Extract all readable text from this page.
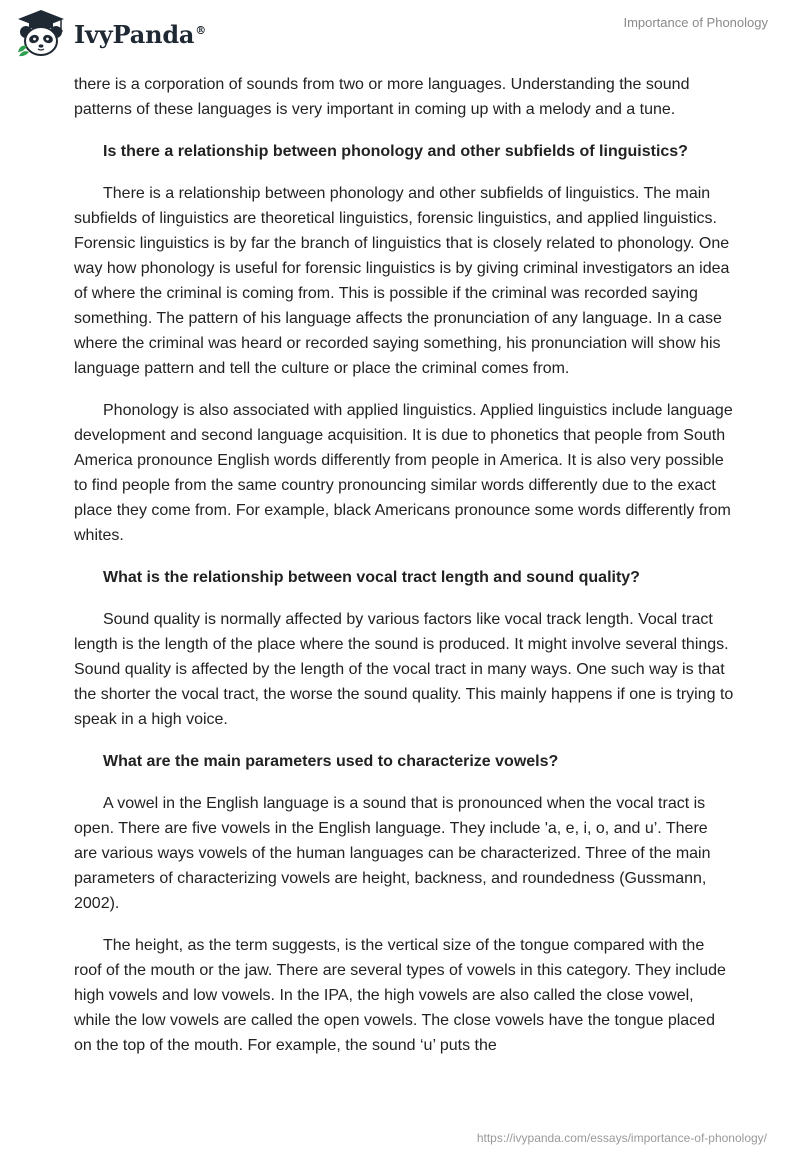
IvyPanda®	Importance of Phonology

there is a corporation of sounds from two or more languages. Understanding the sound patterns of these languages is very important in coming up with a melody and a tune.

Is there a relationship between phonology and other subfields of linguistics?

There is a relationship between phonology and other subfields of linguistics. The main subfields of linguistics are theoretical linguistics, forensic linguistics, and applied linguistics. Forensic linguistics is by far the branch of linguistics that is closely related to phonology. One way how phonology is useful for forensic linguistics is by giving criminal investigators an idea of where the criminal is coming from. This is possible if the criminal was recorded saying something. The pattern of his language affects the pronunciation of any language. In a case where the criminal was heard or recorded saying something, his pronunciation will show his language pattern and tell the culture or place the criminal comes from.

Phonology is also associated with applied linguistics. Applied linguistics include language development and second language acquisition. It is due to phonetics that people from South America pronounce English words differently from people in America. It is also very possible to find people from the same country pronouncing similar words differently due to the exact place they come from. For example, black Americans pronounce some words differently from whites.

What is the relationship between vocal tract length and sound quality?

Sound quality is normally affected by various factors like vocal track length. Vocal tract length is the length of the place where the sound is produced. It might involve several things. Sound quality is affected by the length of the vocal tract in many ways. One such way is that the shorter the vocal tract, the worse the sound quality. This mainly happens if one is trying to speak in a high voice.

What are the main parameters used to characterize vowels?

A vowel in the English language is a sound that is pronounced when the vocal tract is open. There are five vowels in the English language. They include 'a, e, i, o, and u’. There are various ways vowels of the human languages can be characterized. Three of the main parameters of characterizing vowels are height, backness, and roundedness (Gussmann, 2002).

The height, as the term suggests, is the vertical size of the tongue compared with the roof of the mouth or the jaw. There are several types of vowels in this category. They include high vowels and low vowels. In the IPA, the high vowels are also called the close vowel, while the low vowels are called the open vowels. The close vowels have the tongue placed on the top of the mouth. For example, the sound ‘u’ puts the

https://ivypanda.com/essays/importance-of-phonology/
